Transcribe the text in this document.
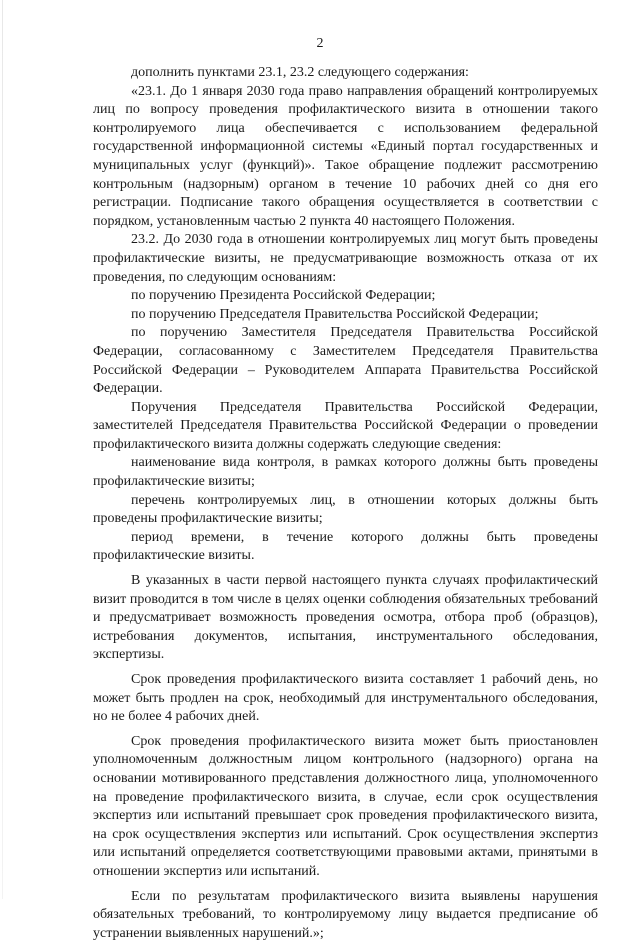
2

дополнить пунктами 23.1, 23.2 следующего содержания:

«23.1. До 1 января 2030 года право направления обращений контролируемых лиц по вопросу проведения профилактического визита в отношении такого контролируемого лица обеспечивается с использованием федеральной государственной информационной системы «Единый портал государственных и муниципальных услуг (функций)». Такое обращение подлежит рассмотрению контрольным (надзорным) органом в течение 10 рабочих дней со дня его регистрации. Подписание такого обращения осуществляется в соответствии с порядком, установленным частью 2 пункта 40 настоящего Положения.

23.2. До 2030 года в отношении контролируемых лиц могут быть проведены профилактические визиты, не предусматривающие возможность отказа от их проведения, по следующим основаниям:

по поручению Президента Российской Федерации;

по поручению Председателя Правительства Российской Федерации;

по поручению Заместителя Председателя Правительства Российской Федерации, согласованному с Заместителем Председателя Правительства Российской Федерации – Руководителем Аппарата Правительства Российской Федерации.

Поручения Председателя Правительства Российской Федерации, заместителей Председателя Правительства Российской Федерации о проведении профилактического визита должны содержать следующие сведения:

наименование вида контроля, в рамках которого должны быть проведены профилактические визиты;

перечень контролируемых лиц, в отношении которых должны быть проведены профилактические визиты;

период времени, в течение которого должны быть проведены профилактические визиты.

В указанных в части первой настоящего пункта случаях профилактический визит проводится в том числе в целях оценки соблюдения обязательных требований и предусматривает возможность проведения осмотра, отбора проб (образцов), истребования документов, испытания, инструментального обследования, экспертизы.

Срок проведения профилактического визита составляет 1 рабочий день, но может быть продлен на срок, необходимый для инструментального обследования, но не более 4 рабочих дней.

Срок проведения профилактического визита может быть приостановлен уполномоченным должностным лицом контрольного (надзорного) органа на основании мотивированного представления должностного лица, уполномоченного на проведение профилактического визита, в случае, если срок осуществления экспертиз или испытаний превышает срок проведения профилактического визита, на срок осуществления экспертиз или испытаний. Срок осуществления экспертиз или испытаний определяется соответствующими правовыми актами, принятыми в отношении экспертиз или испытаний.

Если по результатам профилактического визита выявлены нарушения обязательных требований, то контролируемому лицу выдается предписание об устранении выявленных нарушений.»;
